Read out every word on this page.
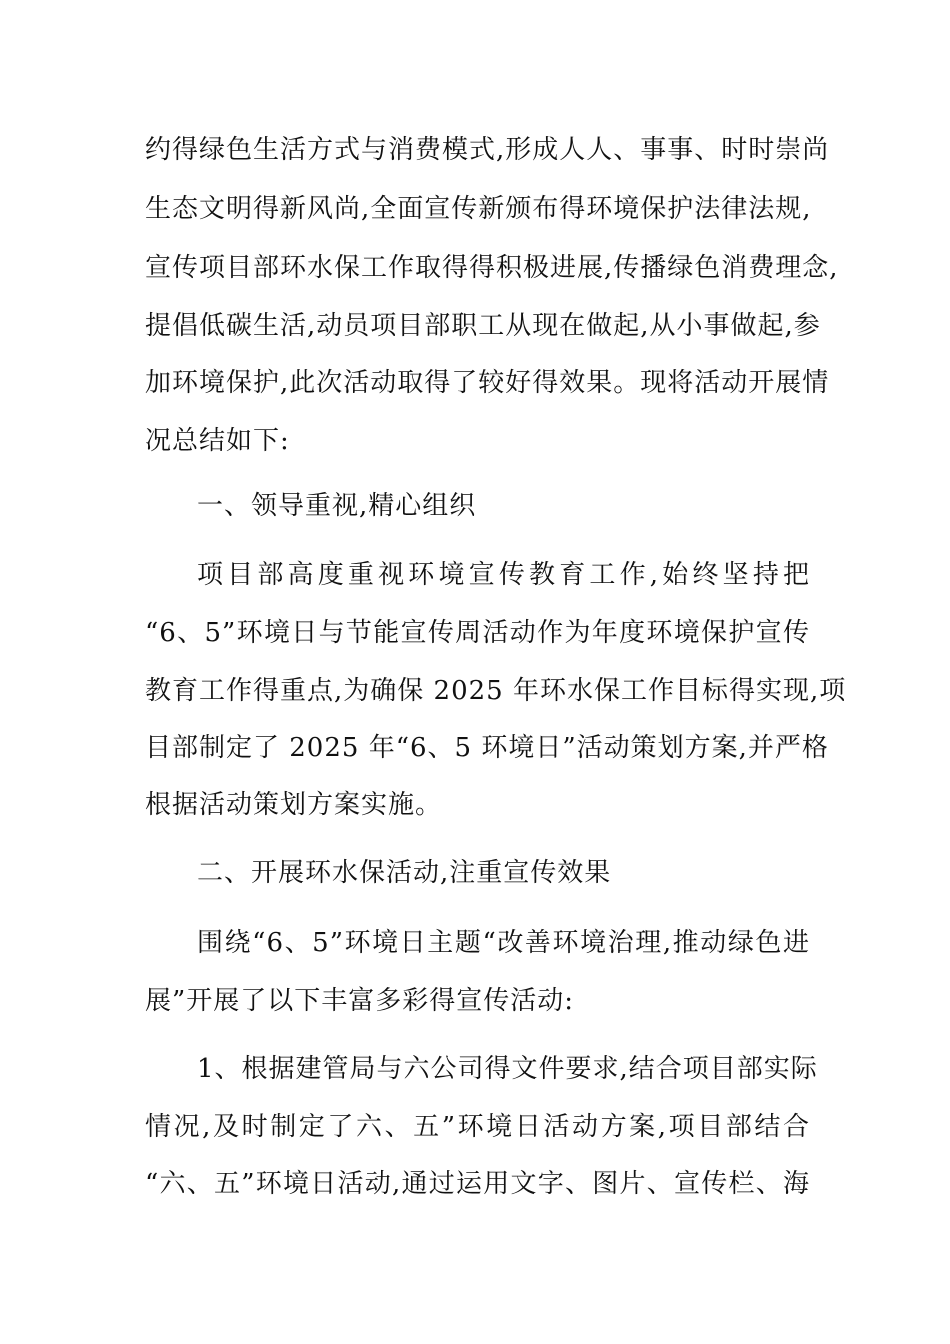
约得绿色生活方式与消费模式,形成人人、事事、时时崇尚
生态文明得新风尚,全面宣传新颁布得环境保护法律法规,
宣传项目部环水保工作取得得积极进展,传播绿色消费理念,
提倡低碳生活,动员项目部职工从现在做起,从小事做起,参
加环境保护,此次活动取得了较好得效果。现将活动开展情
况总结如下:
一、领导重视,精心组织
项目部高度重视环境宣传教育工作,始终坚持把
“6、5”环境日与节能宣传周活动作为年度环境保护宣传
教育工作得重点,为确保 2025 年环水保工作目标得实现,项
目部制定了 2025 年“6、5 环境日”活动策划方案,并严格
根据活动策划方案实施。
二、开展环水保活动,注重宣传效果
围绕“6、5”环境日主题“改善环境治理,推动绿色进
展”开展了以下丰富多彩得宣传活动:
1、根据建管局与六公司得文件要求,结合项目部实际
情况,及时制定了六、五”环境日活动方案,项目部结合
“六、五”环境日活动,通过运用文字、图片、宣传栏、海
